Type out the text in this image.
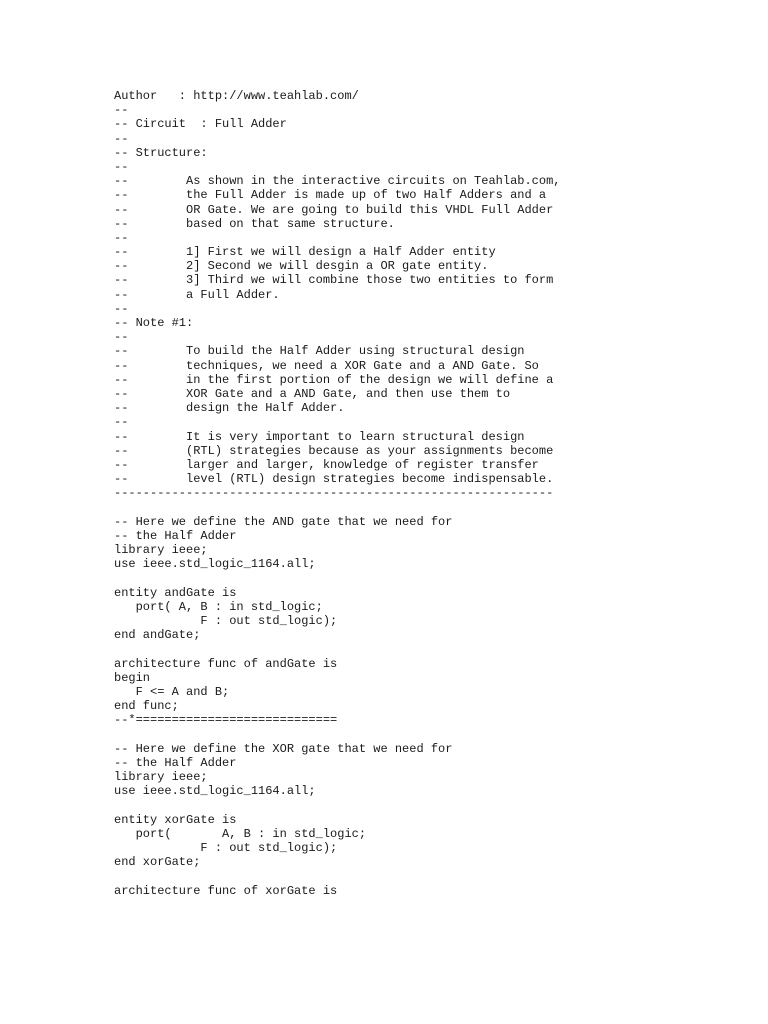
Author   : http://www.teahlab.com/
--
-- Circuit  : Full Adder
--
-- Structure:
--
--        As shown in the interactive circuits on Teahlab.com,
--        the Full Adder is made up of two Half Adders and a
--        OR Gate. We are going to build this VHDL Full Adder
--        based on that same structure.
--
--        1] First we will design a Half Adder entity
--        2] Second we will desgin a OR gate entity.
--        3] Third we will combine those two entities to form
--        a Full Adder.
--
-- Note #1:
--
--        To build the Half Adder using structural design
--        techniques, we need a XOR Gate and a AND Gate. So
--        in the first portion of the design we will define a
--        XOR Gate and a AND Gate, and then use them to
--        design the Half Adder.
--
--        It is very important to learn structural design
--        (RTL) strategies because as your assignments become
--        larger and larger, knowledge of register transfer
--        level (RTL) design strategies become indispensable.
-------------------------------------------------------------
-- Here we define the AND gate that we need for
-- the Half Adder
library ieee;
use ieee.std_logic_1164.all;
entity andGate is
port( A, B : in std_logic;
F : out std_logic);
end andGate;
architecture func of andGate is
begin
F <= A and B;
end func;
--*============================
-- Here we define the XOR gate that we need for
-- the Half Adder
library ieee;
use ieee.std_logic_1164.all;
entity xorGate is
port(       A, B : in std_logic;
F : out std_logic);
end xorGate;
architecture func of xorGate is
